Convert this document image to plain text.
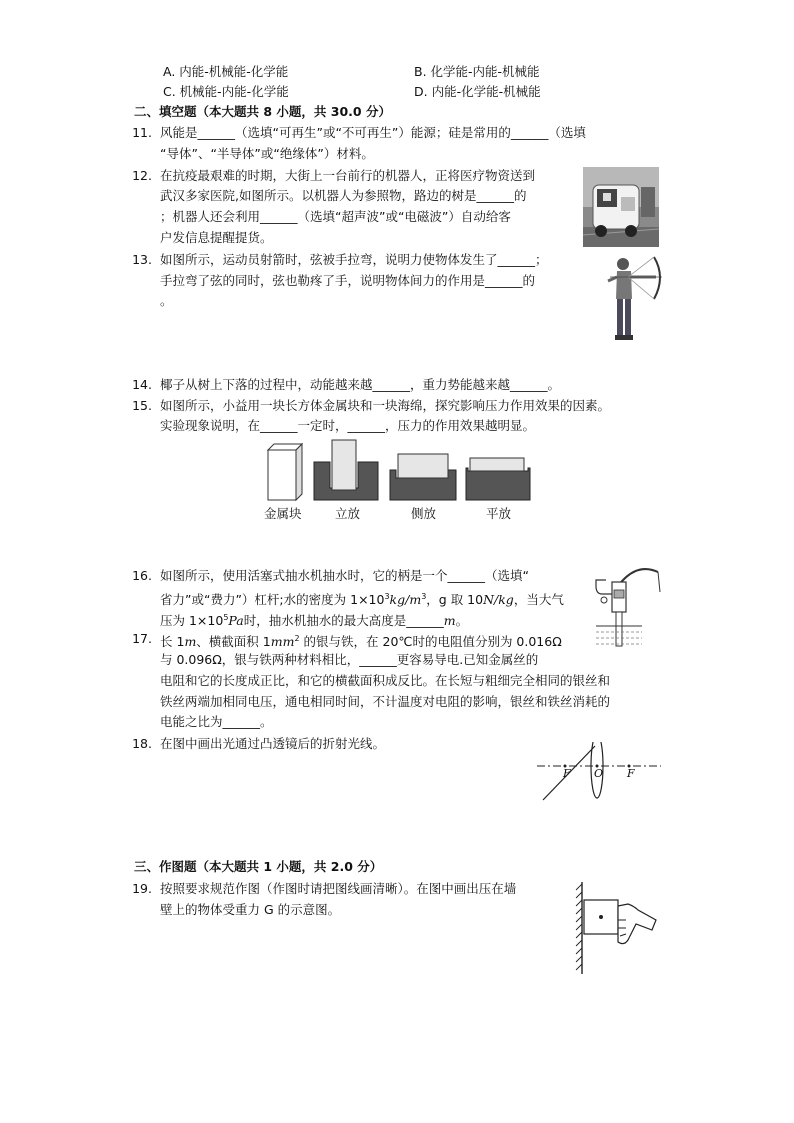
A. 内能-机械能-化学能	B. 化学能-内能-机械能
C. 机械能-内能-化学能	D. 内能-化学能-机械能
二、填空题（本大题共 8 小题，共 30.0 分）
11. 风能是______（选填“可再生”或“不可再生”）能源；硅是常用的______（选填
“导体”、“半导体”或“绝缘体”）材料。
12. 在抗疫最艰难的时期，大街上一台前行的机器人，正将医疗物资送到
武汉多家医院,如图所示。以机器人为参照物，路边的树是______的
；机器人还会利用______（选填“超声波”或“电磁波”）自动给客
户发信息提醒提货。
13. 如图所示，运动员射箭时，弦被手拉弯，说明力使物体发生了______；
手拉弯了弦的同时，弦也勒疼了手，说明物体间力的作用是______的
。
14. 椰子从树上下落的过程中，动能越来越______，重力势能越来越______。
15. 如图所示，小益用一块长方体金属块和一块海绵，探究影响压力作用效果的因素。
实验现象说明，在______一定时，______，压力的作用效果越明显。
金属块	立放	侧放	平放
16. 如图所示，使用活塞式抽水机抽水时，它的柄是一个______（选填“
省力”或“费力”）杠杆;水的密度为 $1\times 10^3kg/m^3$，g 取 10N/kg，当大气
压为 $1\times 10^5Pa$时，抽水机抽水的最大高度是______m。
17. 长 1m、横截面积 $1mm^2$ 的银与铁，在 20℃时的电阻值分别为 0.016Ω
与 0.096Ω，银与铁两种材料相比，______更容易导电.已知金属丝的
电阻和它的长度成正比，和它的横截面积成反比。在长短与粗细完全相同的银丝和
铁丝两端加相同电压，通电相同时间，不计温度对电阻的影响，银丝和铁丝消耗的
电能之比为______。
18. 在图中画出光通过凸透镜后的折射光线。
F O F
三、作图题（本大题共 1 小题，共 2.0 分）
19. 按照要求规范作图（作图时请把图线画清晰）。在图中画出压在墙
壁上的物体受重力 G 的示意图。
